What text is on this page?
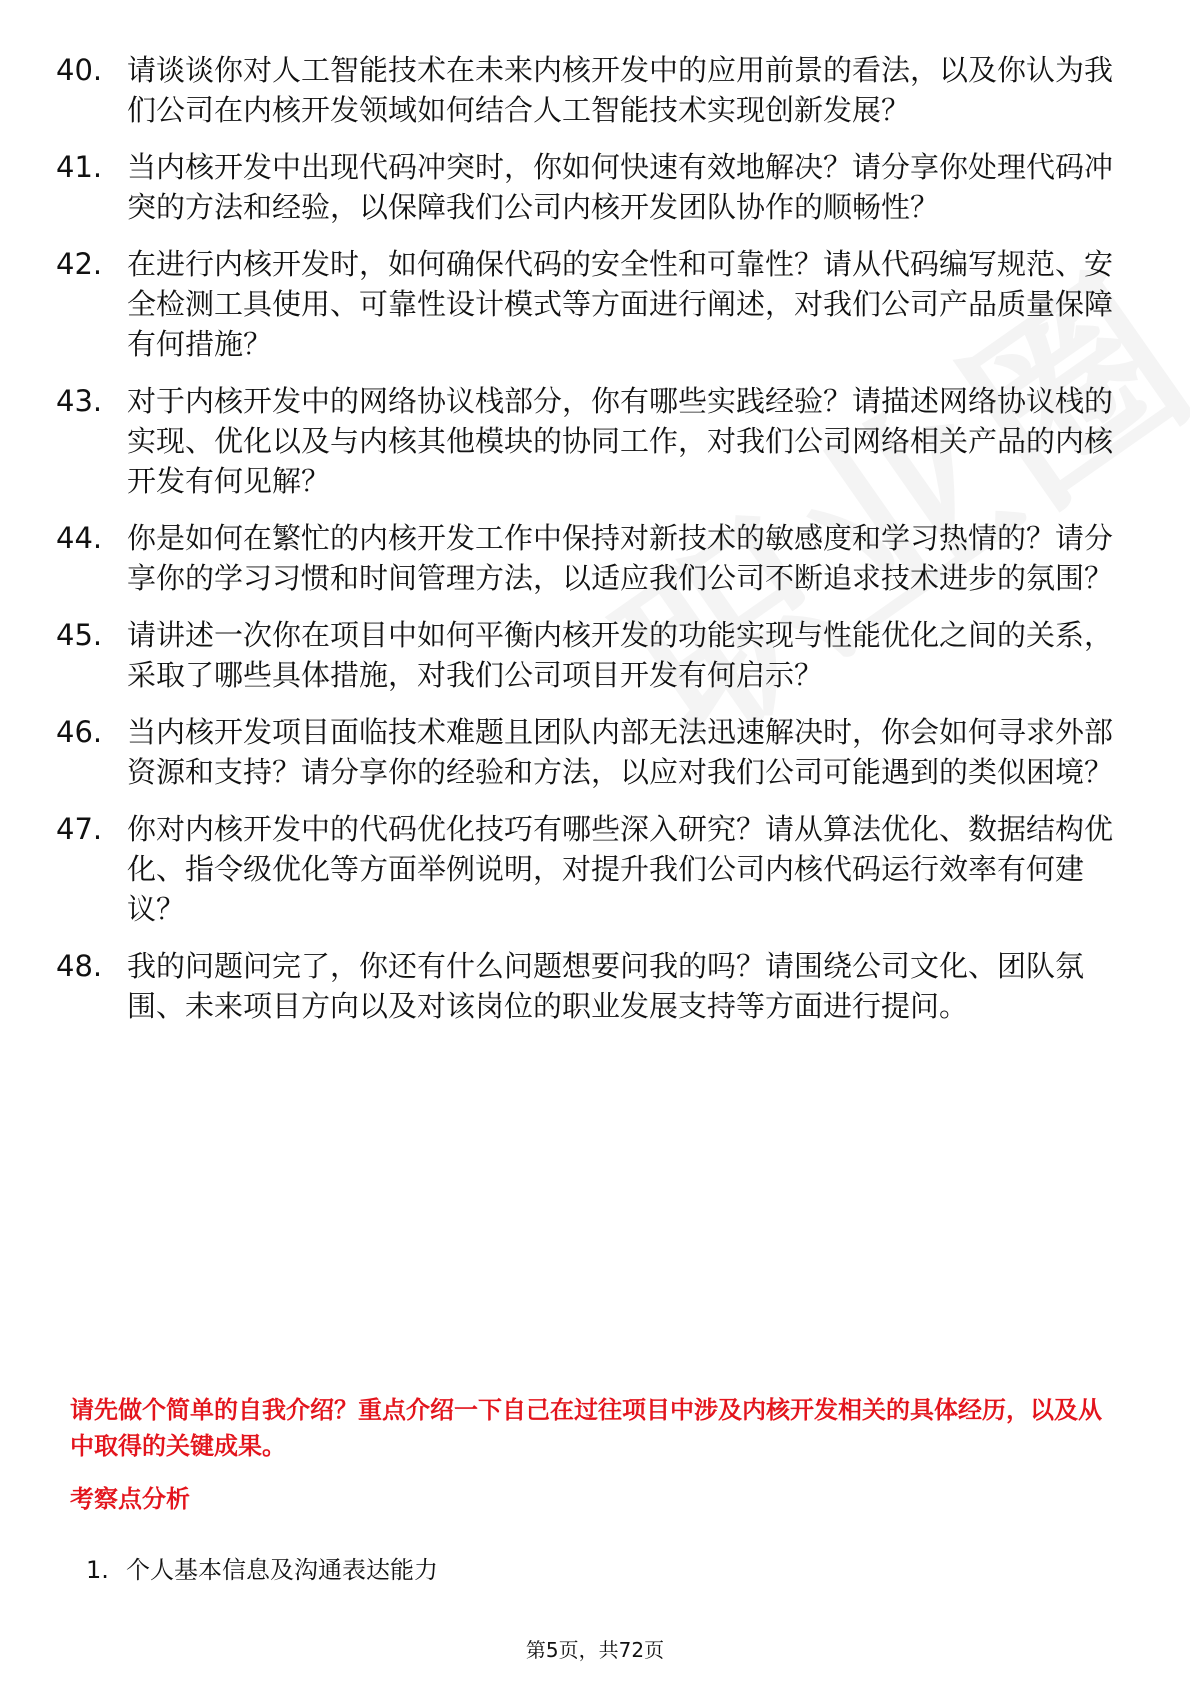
40. 请谈谈你对人工智能技术在未来内核开发中的应用前景的看法，以及你认为我们公司在内核开发领域如何结合人工智能技术实现创新发展？
41. 当内核开发中出现代码冲突时，你如何快速有效地解决？请分享你处理代码冲突的方法和经验，以保障我们公司内核开发团队协作的顺畅性？
42. 在进行内核开发时，如何确保代码的安全性和可靠性？请从代码编写规范、安全检测工具使用、可靠性设计模式等方面进行阐述，对我们公司产品质量保障有何措施？
43. 对于内核开发中的网络协议栈部分，你有哪些实践经验？请描述网络协议栈的实现、优化以及与内核其他模块的协同工作，对我们公司网络相关产品的内核开发有何见解？
44. 你是如何在繁忙的内核开发工作中保持对新技术的敏感度和学习热情的？请分享你的学习习惯和时间管理方法，以适应我们公司不断追求技术进步的氛围？
45. 请讲述一次你在项目中如何平衡内核开发的功能实现与性能优化之间的关系，采取了哪些具体措施，对我们公司项目开发有何启示？
46. 当内核开发项目面临技术难题且团队内部无法迅速解决时，你会如何寻求外部资源和支持？请分享你的经验和方法，以应对我们公司可能遇到的类似困境？
47. 你对内核开发中的代码优化技巧有哪些深入研究？请从算法优化、数据结构优化、指令级优化等方面举例说明，对提升我们公司内核代码运行效率有何建议？
48. 我的问题问完了，你还有什么问题想要问我的吗？请围绕公司文化、团队氛围、未来项目方向以及对该岗位的职业发展支持等方面进行提问。
请先做个简单的自我介绍？重点介绍一下自己在过往项目中涉及内核开发相关的具体经历，以及从中取得的关键成果。
考察点分析
1. 个人基本信息及沟通表达能力
第5页，共72页
